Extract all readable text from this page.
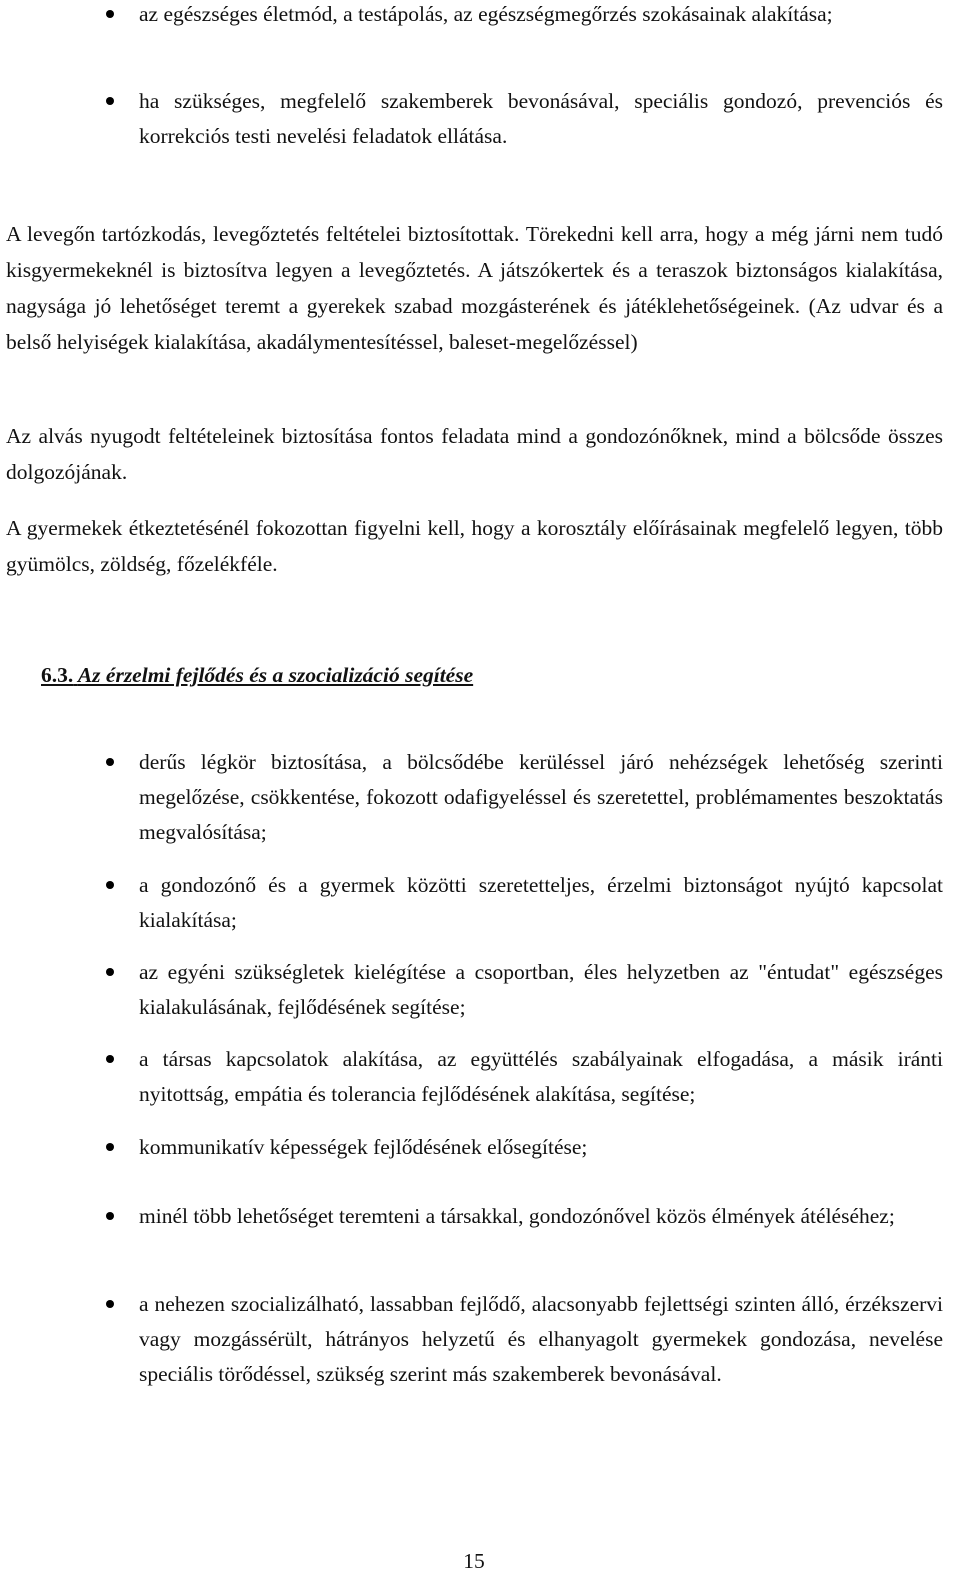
az egészséges életmód, a testápolás, az egészségmegőrzés szokásainak alakítása;
ha szükséges, megfelelő szakemberek bevonásával, speciális gondozó, prevenciós és korrekciós testi nevelési feladatok ellátása.

A levegőn tartózkodás, levegőztetés feltételei biztosítottak. Törekedni kell arra, hogy a még járni nem tudó kisgyermekeknél is biztosítva legyen a levegőztetés. A játszókertek és a teraszok biztonságos kialakítása, nagysága jó lehetőséget teremt a gyerekek szabad mozgásterének és játéklehetőségeinek. (Az udvar és a belső helyiségek kialakítása, akadálymentesítéssel, baleset-megelőzéssel)

Az alvás nyugodt feltételeinek biztosítása fontos feladata mind a gondozónőknek, mind a bölcsőde összes dolgozójának.

A gyermekek étkeztetésénél fokozottan figyelni kell, hogy a korosztály előírásainak megfelelő legyen, több gyümölcs, zöldség, főzelékféle.

6.3. Az érzelmi fejlődés és a szocializáció segítése
derűs légkör biztosítása, a bölcsődébe kerüléssel járó nehézségek lehetőség szerinti megelőzése, csökkentése, fokozott odafigyeléssel és szeretettel, problémamentes beszoktatás megvalósítása;
a gondozónő és a gyermek közötti szeretetteljes, érzelmi biztonságot nyújtó kapcsolat kialakítása;
az egyéni szükségletek kielégítése a csoportban, éles helyzetben az "éntudat" egészséges kialakulásának, fejlődésének segítése;
a társas kapcsolatok alakítása, az együttélés szabályainak elfogadása, a másik iránti nyitottság, empátia és tolerancia fejlődésének alakítása, segítése;
kommunikatív képességek fejlődésének elősegítése;
minél több lehetőséget teremteni a társakkal, gondozónővel közös élmények átéléséhez;
a nehezen szocializálható, lassabban fejlődő, alacsonyabb fejlettségi szinten álló, érzékszervi vagy mozgássérült, hátrányos helyzetű és elhanyagolt gyermekek gondozása, nevelése speciális törődéssel, szükség szerint más szakemberek bevonásával.
15
